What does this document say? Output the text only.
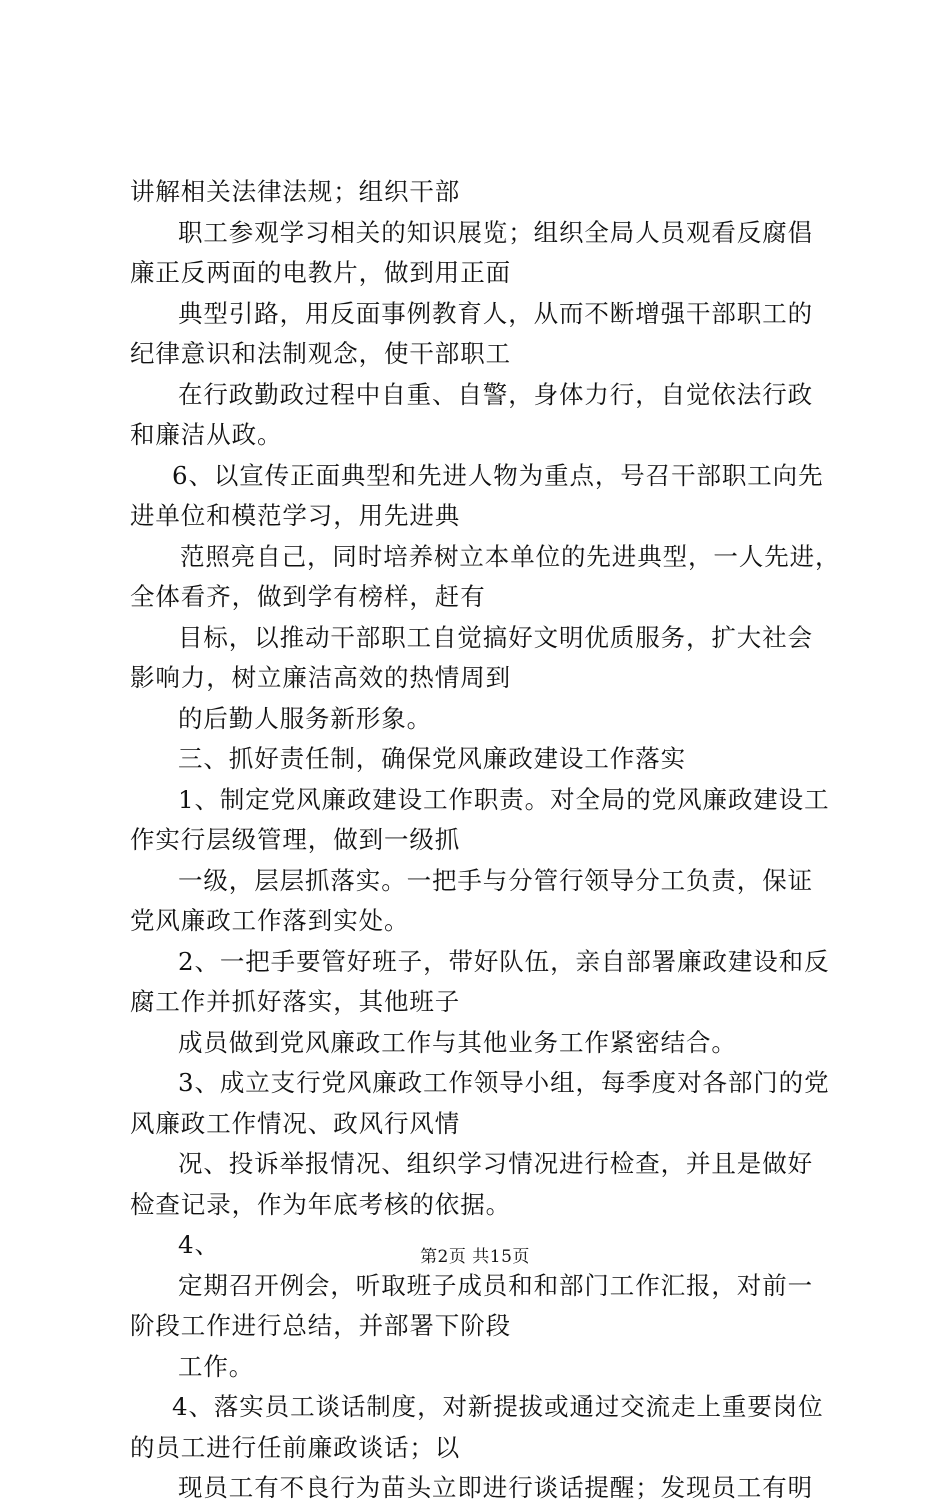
讲解相关法律法规；组织干部
职工参观学习相关的知识展览；组织全局人员观看反腐倡
廉正反两面的电教片，做到用正面
典型引路，用反面事例教育人，从而不断增强干部职工的
纪律意识和法制观念，使干部职工
在行政勤政过程中自重、自警，身体力行，自觉依法行政
和廉洁从政。
6、以宣传正面典型和先进人物为重点，号召干部职工向先
进单位和模范学习，用先进典
范照亮自己，同时培养树立本单位的先进典型，一人先进，
全体看齐，做到学有榜样，赶有
目标，以推动干部职工自觉搞好文明优质服务，扩大社会
影响力，树立廉洁高效的热情周到
的后勤人服务新形象。
三、抓好责任制，确保党风廉政建设工作落实
1、制定党风廉政建设工作职责。对全局的党风廉政建设工
作实行层级管理，做到一级抓
一级，层层抓落实。一把手与分管行领导分工负责，保证
党风廉政工作落到实处。
2、一把手要管好班子，带好队伍，亲自部署廉政建设和反
腐工作并抓好落实，其他班子
成员做到党风廉政工作与其他业务工作紧密结合。
3、成立支行党风廉政工作领导小组，每季度对各部门的党
风廉政工作情况、政风行风情
况、投诉举报情况、组织学习情况进行检查，并且是做好
检查记录，作为年底考核的依据。
4、
定期召开例会，听取班子成员和和部门工作汇报，对前一
阶段工作进行总结，并部署下阶段
工作。
4、落实员工谈话制度，对新提拔或通过交流走上重要岗位
的员工进行任前廉政谈话；以
现员工有不良行为苗头立即进行谈话提醒；发现员工有明
第2页 共15页
